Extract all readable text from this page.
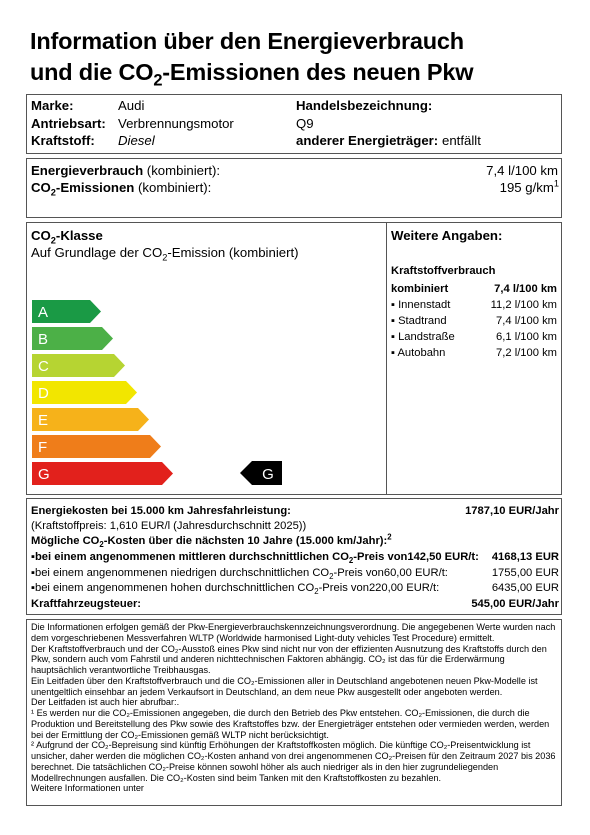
Information über den Energieverbrauch
und die $CO_2$-Emissionen des neuen Pkw
Marke:	Audi
Antriebsart: Verbrennungsmotor
Kraftstoff: Diesel
Handelsbezeichnung:
Q9
anderer Energieträger: entfällt
Energieverbrauch (kombiniert):	7,4 l/100 km
$CO_2$-Emissionen (kombiniert):	195 $g/km^1$
$CO_2$-Klasse
Auf Grundlage der $CO_2$-Emission (kombiniert)
A
B
C
D
E
F
G	G
Weitere Angaben:
Kraftstoffverbrauch
kombiniert	7,4 l/100 km
▪ Innenstadt	11,2 l/100 km
▪ Stadtrand	7,4 l/100 km
▪ Landstraße	6,1 l/100 km
▪ Autobahn	7,2 l/100 km
Energiekosten bei 15.000 km Jahresfahrleistung:	1787,10 EUR/Jahr
(Kraftstoffpreis: 1,610 EUR/l (Jahresdurchschnitt 2025))
Mögliche $CO_2$-Kosten über die nächsten 10 Jahre (15.000 km/Jahr):$^2$
▪bei einem angenommenen mittleren durchschnittlichen $CO_2$-Preis von142,50 EUR/t: 4168,13 EUR
▪bei einem angenommenen niedrigen durchschnittlichen $CO_2$-Preis von60,00 EUR/t:	1755,00 EUR
▪bei einem angenommenen hohen durchschnittlichen $CO_2$-Preis von220,00 EUR/t:	6435,00 EUR
Kraftfahrzeugsteuer:	545,00 EUR/Jahr

Die Informationen erfolgen gemäß der Pkw-Energieverbrauchskennzeichnungsverordnung. Die angegebenen Werte wurden nach dem vorgeschriebenen Messverfahren WLTP (Worldwide harmonised Light-duty vehicles Test Procedure) ermittelt.

Der Kraftstoffverbrauch und der CO₂-Ausstoß eines Pkw sind nicht nur von der effizienten Ausnutzung des Kraftstoffs durch den Pkw, sondern auch vom Fahrstil und anderen nichttechnischen Faktoren abhängig. CO₂ ist das für die Erderwärmung hauptsächlich verantwortliche Treibhausgas.

Ein Leitfaden über den Kraftstoffverbrauch und die CO₂-Emissionen aller in Deutschland angebotenen neuen Pkw-Modelle ist unentgeltlich einsehbar an jedem Verkaufsort in Deutschland, an dem neue Pkw ausgestellt oder angeboten werden.

Der Leitfaden ist auch hier abrufbar:.

¹ Es werden nur die CO₂-Emissionen angegeben, die durch den Betrieb des Pkw entstehen. CO₂-Emissionen, die durch die Produktion und Bereitstellung des Pkw sowie des Kraftstoffes bzw. der Energieträger entstehen oder vermieden werden, werden bei der Ermittlung der CO₂-Emissionen gemäß WLTP nicht berücksichtigt.

² Aufgrund der CO₂-Bepreisung sind künftig Erhöhungen der Kraftstoffkosten möglich. Die künftige CO₂-Preisentwicklung ist unsicher, daher werden die möglichen CO₂-Kosten anhand von drei angenommenen CO₂-Preisen für den Zeitraum 2027 bis 2036 berechnet. Die tatsächlichen CO₂-Preise können sowohl höher als auch niedriger als in den hier zugrundeliegenden Modellrechnungen ausfallen. Die CO₂-Kosten sind beim Tanken mit den Kraftstoffkosten zu bezahlen.

Weitere Informationen unter
